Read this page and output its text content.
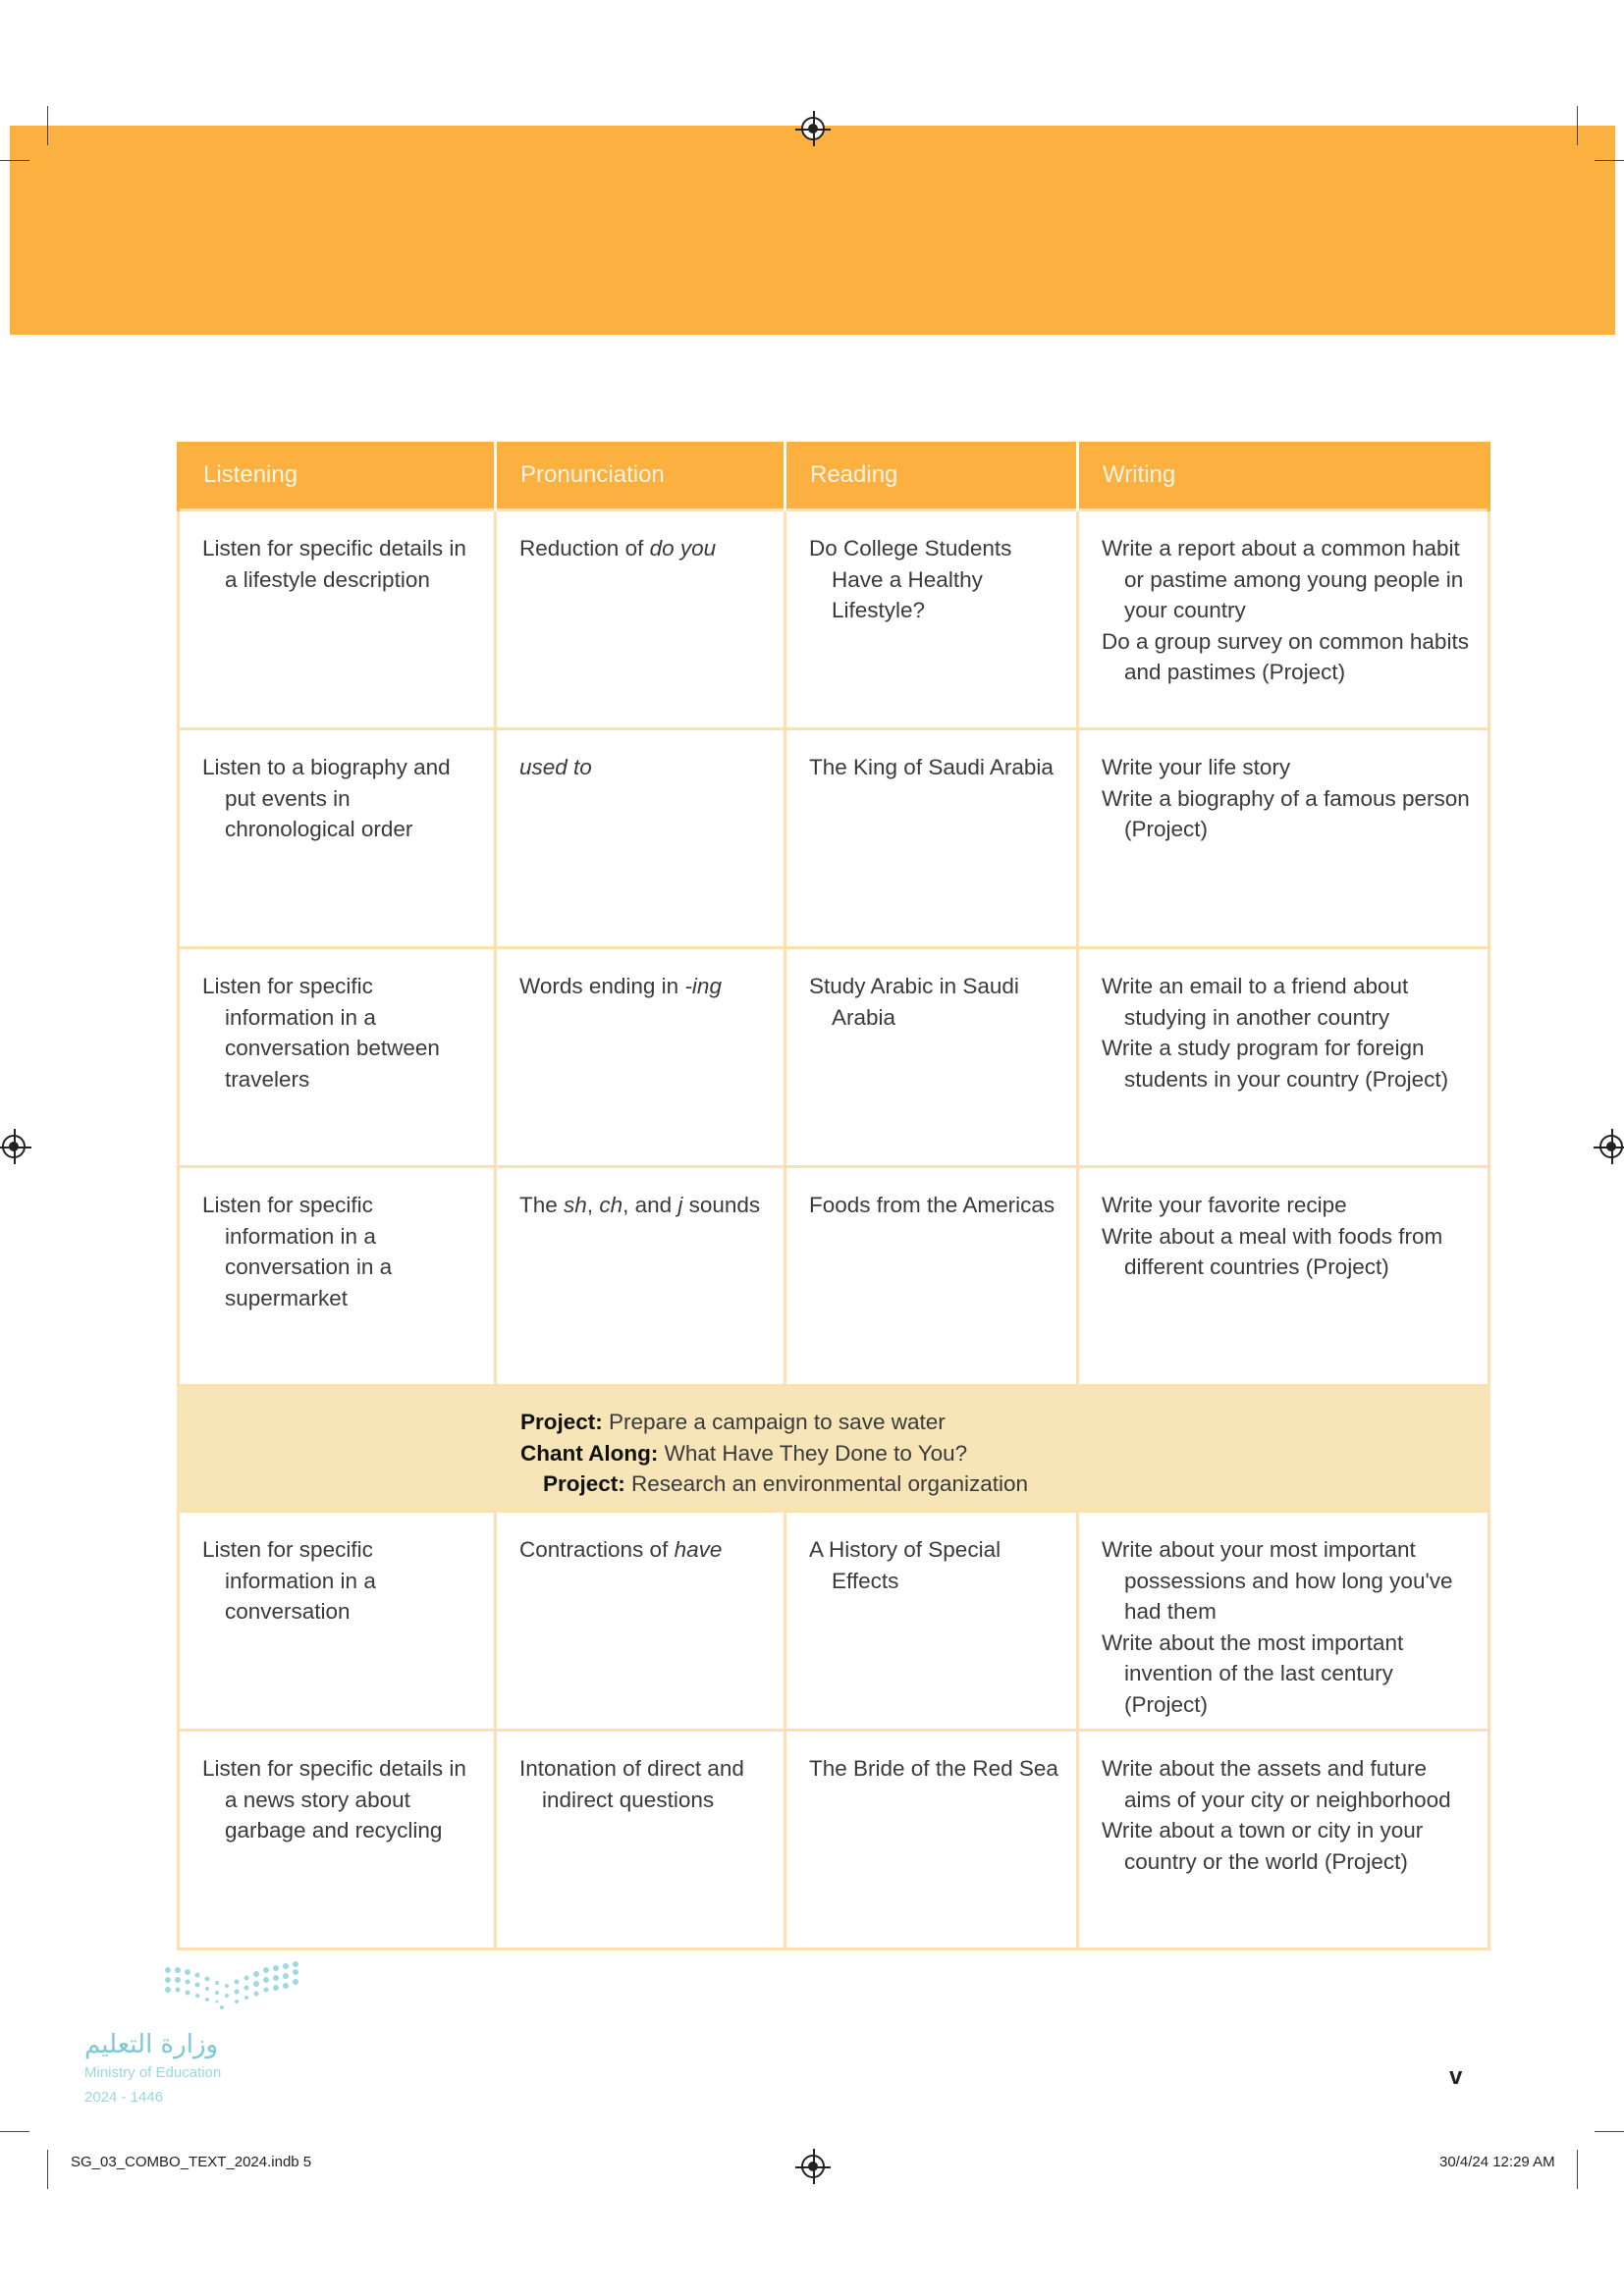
Listening	Pronunciation	Reading	Writing

Listen for specific details in a lifestyle description	Reduction of do you	Do College Students Have a Healthy Lifestyle?	Write a report about a common habit or pastime among young people in your country
Do a group survey on common habits and pastimes (Project)

Listen to a biography and put events in chronological order	used to	The King of Saudi Arabia	Write your life story
Write a biography of a famous person (Project)

Listen for specific information in a conversation between travelers	Words ending in -ing	Study Arabic in Saudi Arabia	Write an email to a friend about studying in another country
Write a study program for foreign students in your country (Project)

Listen for specific information in a conversation in a supermarket	The sh, ch, and j sounds	Foods from the Americas	Write your favorite recipe
Write about a meal with foods from different countries (Project)

Project: Prepare a campaign to save water
Chant Along: What Have They Done to You?
Project: Research an environmental organization			

Listen for specific information in a conversation	Contractions of have	A History of Special Effects	Write about your most important possessions and how long you've had them
Write about the most important invention of the last century (Project)

Listen for specific details in a news story about garbage and recycling	Intonation of direct and indirect questions	The Bride of the Red Sea	Write about the assets and future aims of your city or neighborhood
Write about a town or city in your country or the world (Project)
وزارة التعليم
Ministry of Education
2024 - 1446
v
SG_03_COMBO_TEXT_2024.indb 5	30/4/24 12:29 AM
